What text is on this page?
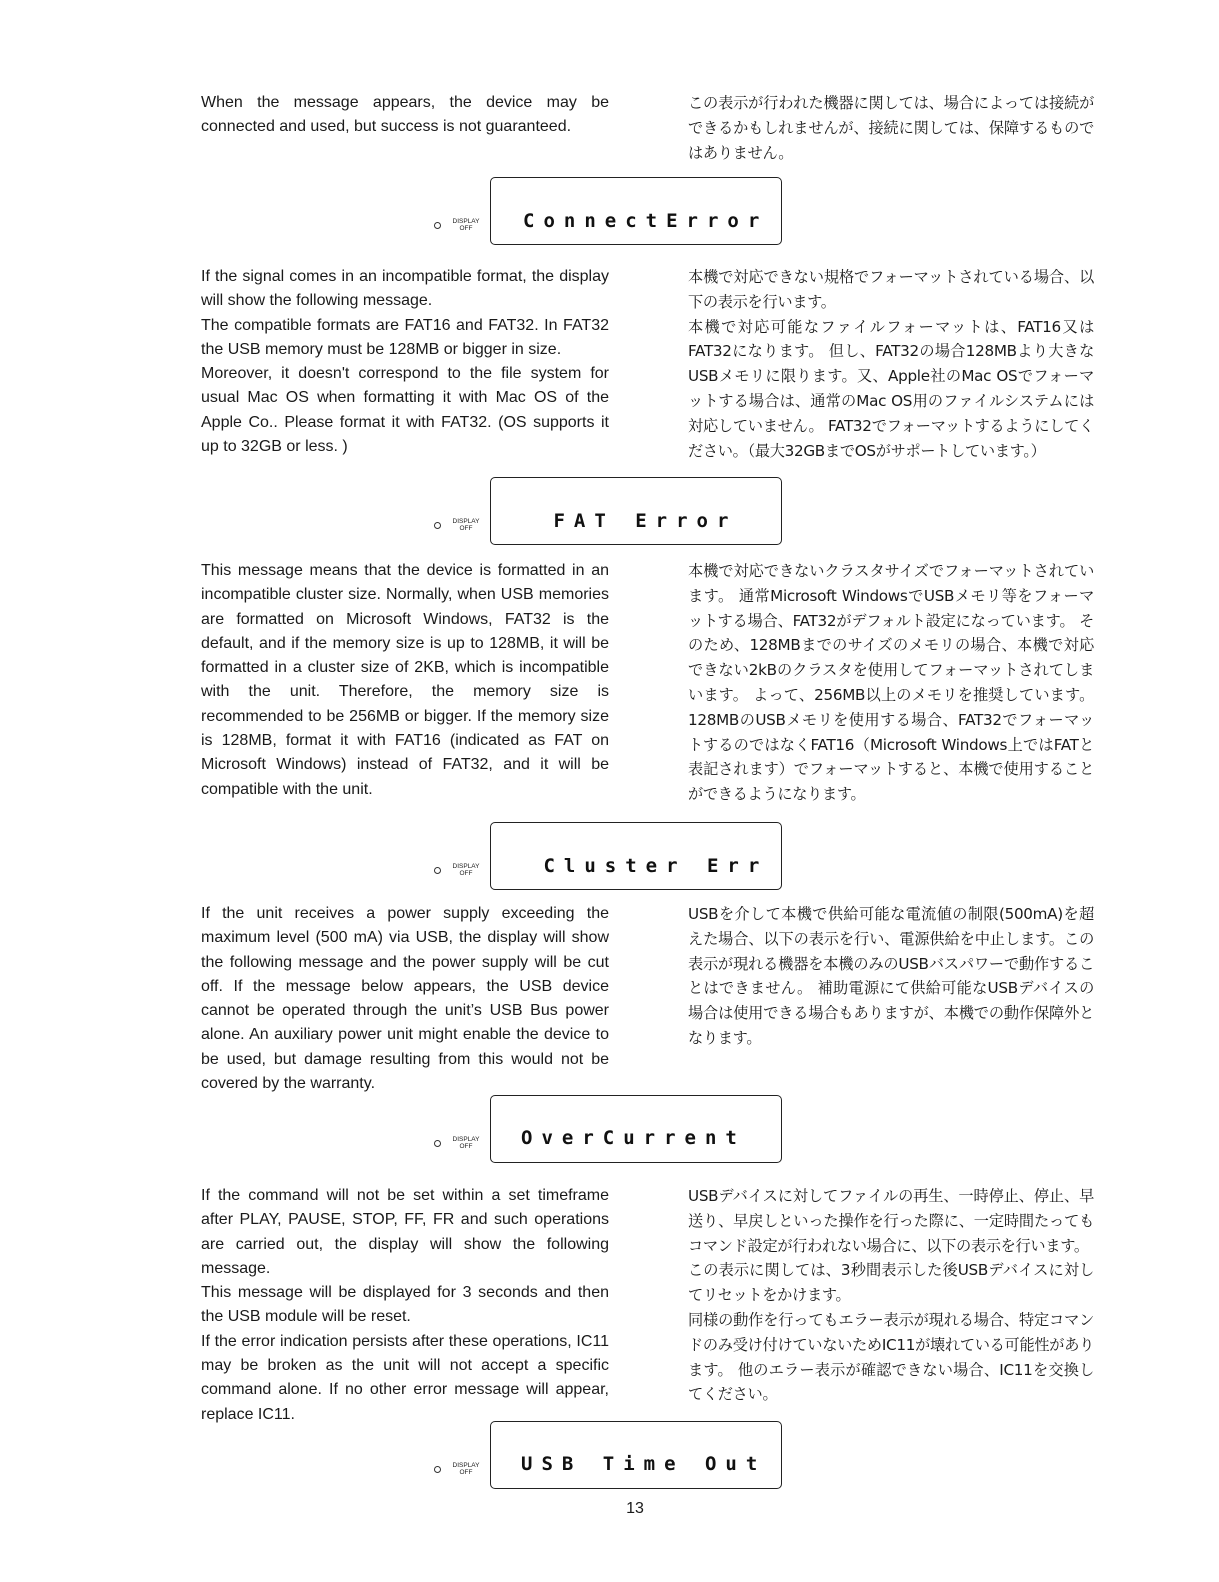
When the message appears, the device may be connected and used, but success is not guaranteed.

この表示が行われた機器に関しては、場合によっては接続ができるかもしれませんが、接続に関しては、保障するものではありません。

DISPLAY
OFF	ConnectError

If the signal comes in an incompatible format, the display will show the following message.

The compatible formats are FAT16 and FAT32. In FAT32 the USB memory must be 128MB or bigger in size.

Moreover, it doesn't correspond to the file system for usual Mac OS when formatting it with Mac OS of the Apple Co.. Please format it with FAT32. (OS supports it up to 32GB or less. )

本機で対応できない規格でフォーマットされている場合、以下の表示を行います。

本機で対応可能なファイルフォーマットは、FAT16又はFAT32になります。 但し、FAT32の場合128MBより大きなUSBメモリに限ります。又、Apple社のMac OSでフォーマットする場合は、通常のMac OS用のファイルシステムには対応していません。 FAT32でフォーマットするようにしてください。（最大32GBまでOSがサポートしています。）

DISPLAY
OFF	FAT Error

This message means that the device is formatted in an incompatible cluster size. Normally, when USB memories are formatted on Microsoft Windows, FAT32 is the default, and if the memory size is up to 128MB, it will be formatted in a cluster size of 2KB, which is incompatible with the unit. Therefore, the memory size is recommended to be 256MB or bigger. If the memory size is 128MB, format it with FAT16 (indicated as FAT on Microsoft Windows) instead of FAT32, and it will be compatible with the unit.

本機で対応できないクラスタサイズでフォーマットされています。 通常Microsoft WindowsでUSBメモリ等をフォーマットする場合、FAT32がデフォルト設定になっています。 そのため、128MBまでのサイズのメモリの場合、本機で対応できない2kBのクラスタを使用してフォーマットされてしまいます。 よって、256MB以上のメモリを推奨しています。 128MBのUSBメモリを使用する場合、FAT32でフォーマットするのではなくFAT16（Microsoft Windows上ではFATと表記されます）でフォーマットすると、本機で使用することができるようになります。

DISPLAY
OFF	Cluster Err

If the unit receives a power supply exceeding the maximum level (500 mA) via USB, the display will show the following message and the power supply will be cut off. If the message below appears, the USB device cannot be operated through the unit’s USB Bus power alone. An auxiliary power unit might enable the device to be used, but damage resulting from this would not be covered by the warranty.

USBを介して本機で供給可能な電流値の制限(500mA)を超えた場合、以下の表示を行い、電源供給を中止します。この表示が現れる機器を本機のみのUSBバスパワーで動作することはできません。 補助電源にて供給可能なUSBデバイスの場合は使用できる場合もありますが、本機での動作保障外となります。

DISPLAY
OFF	OverCurrent

If the command will not be set within a set timeframe after PLAY, PAUSE, STOP, FF, FR and such operations are carried out, the display will show the following message.

This message will be displayed for 3 seconds and then the USB module will be reset.

If the error indication persists after these operations, IC11 may be broken as the unit will not accept a specific command alone. If no other error message will appear, replace IC11.

USBデバイスに対してファイルの再生、一時停止、停止、早送り、早戻しといった操作を行った際に、一定時間たってもコマンド設定が行われない場合に、以下の表示を行います。

この表示に関しては、3秒間表示した後USBデバイスに対してリセットをかけます。

同様の動作を行ってもエラー表示が現れる場合、特定コマンドのみ受け付けていないためIC11が壊れている可能性があります。 他のエラー表示が確認できない場合、IC11を交換してください。

DISPLAY
OFF	USB Time Out
13
